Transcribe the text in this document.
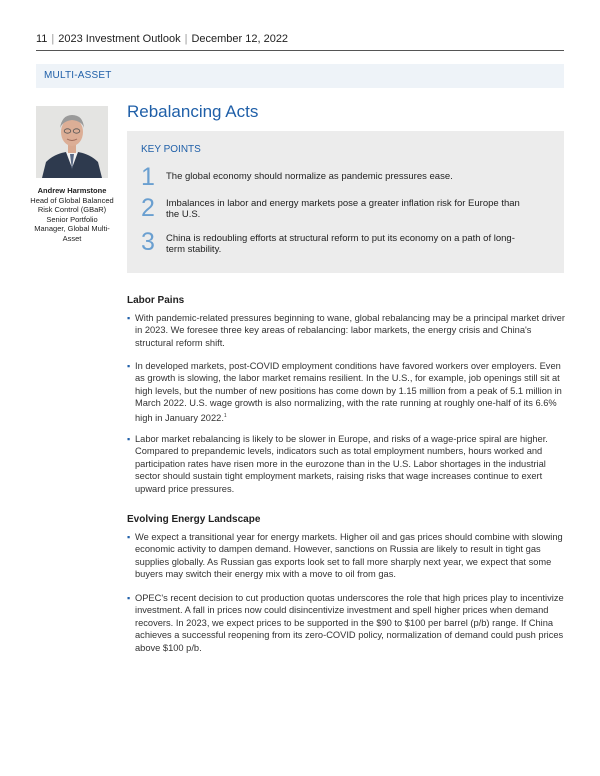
11 | 2023 Investment Outlook | December 12, 2022
MULTI-ASSET
Andrew Harmstone
Head of Global Balanced Risk Control (GBaR) Senior Portfolio Manager, Global Multi-Asset
Rebalancing Acts
KEY POINTS
1 The global economy should normalize as pandemic pressures ease.
2 Imbalances in labor and energy markets pose a greater inflation risk for Europe than the U.S.
3 China is redoubling efforts at structural reform to put its economy on a path of long-term stability.
Labor Pains
▪ With pandemic-related pressures beginning to wane, global rebalancing may be a principal market driver in 2023. We foresee three key areas of rebalancing: labor markets, the energy crisis and China's structural reform shift.
▪ In developed markets, post-COVID employment conditions have favored workers over employers. Even as growth is slowing, the labor market remains resilient. In the U.S., for example, job openings still sit at high levels, but the number of new positions has come down by 1.15 million from a peak of 5.1 million in March 2022. U.S. wage growth is also normalizing, with the rate running at roughly one-half of its 6.6% high in January 2022.$^1$
▪ Labor market rebalancing is likely to be slower in Europe, and risks of a wage-price spiral are higher. Compared to prepandemic levels, indicators such as total employment numbers, hours worked and participation rates have risen more in the eurozone than in the U.S. Labor shortages in the industrial sector should sustain tight employment markets, raising risks that wage increases continue to exert upward price pressures.
Evolving Energy Landscape
▪ We expect a transitional year for energy markets. Higher oil and gas prices should combine with slowing economic activity to dampen demand. However, sanctions on Russia are likely to result in tight gas supplies globally. As Russian gas exports look set to fall more sharply next year, we expect that some buyers may switch their energy mix with a move to oil from gas.
▪ OPEC's recent decision to cut production quotas underscores the role that high prices play to incentivize investment. A fall in prices now could disincentivize investment and spell higher prices when demand recovers. In 2023, we expect prices to be supported in the $90 to $100 per barrel (p/b) range. If China achieves a successful reopening from its zero-COVID policy, normalization of demand could push prices above $100 p/b.
